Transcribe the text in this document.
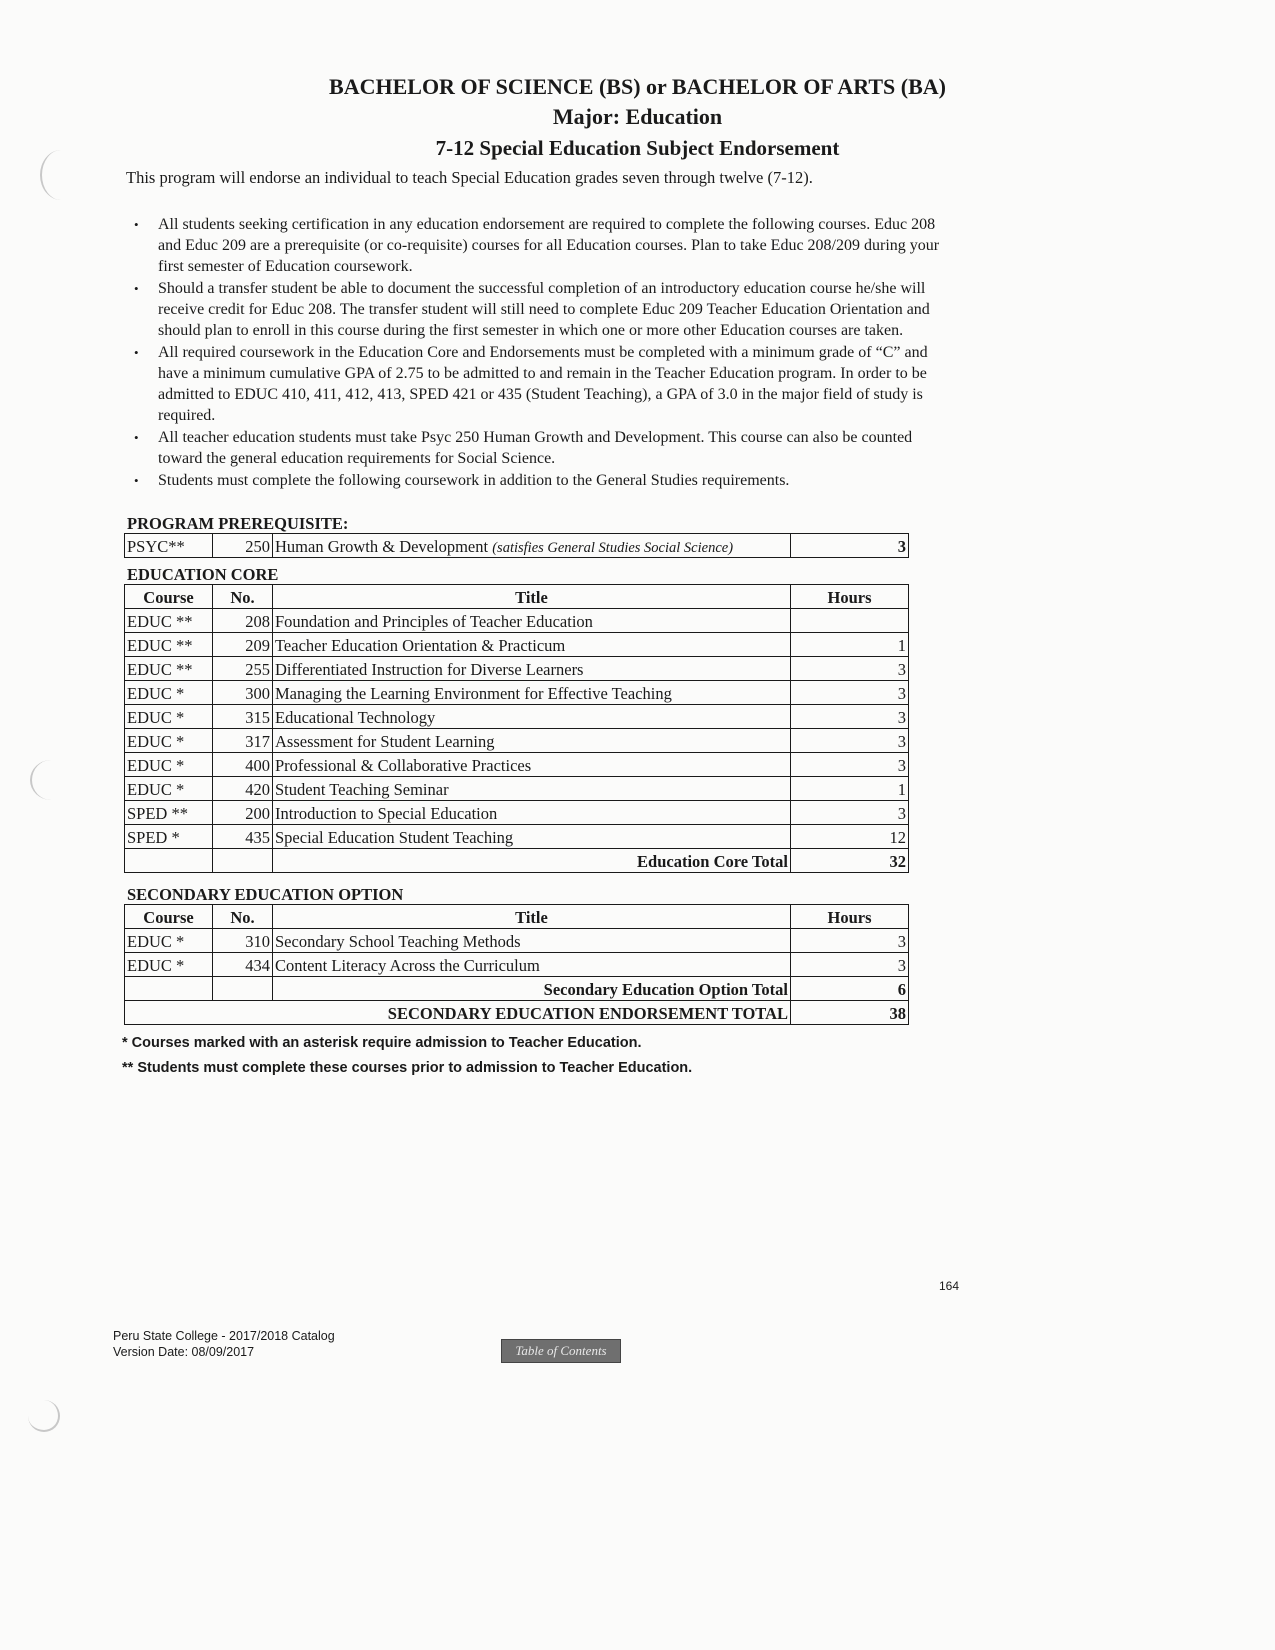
BACHELOR OF SCIENCE (BS) or BACHELOR OF ARTS (BA)
Major: Education
7-12 Special Education Subject Endorsement
This program will endorse an individual to teach Special Education grades seven through twelve (7-12).
• All students seeking certification in any education endorsement are required to complete the following courses. Educ 208 and Educ 209 are a prerequisite (or co-requisite) courses for all Education courses. Plan to take Educ 208/209 during your first semester of Education coursework.
• Should a transfer student be able to document the successful completion of an introductory education course he/she will receive credit for Educ 208. The transfer student will still need to complete Educ 209 Teacher Education Orientation and should plan to enroll in this course during the first semester in which one or more other Education courses are taken.
• All required coursework in the Education Core and Endorsements must be completed with a minimum grade of “C” and have a minimum cumulative GPA of 2.75 to be admitted to and remain in the Teacher Education program. In order to be admitted to EDUC 410, 411, 412, 413, SPED 421 or 435 (Student Teaching), a GPA of 3.0 in the major field of study is required.
• All teacher education students must take Psyc 250 Human Growth and Development. This course can also be counted toward the general education requirements for Social Science.
• Students must complete the following coursework in addition to the General Studies requirements.
PROGRAM PREREQUISITE:
PSYC**	250	Human Growth & Development (satisfies General Studies Social Science)	3
EDUCATION CORE
Course	No.	Title	Hours
EDUC **	208	Foundation and Principles of Teacher Education	
EDUC **	209	Teacher Education Orientation & Practicum	1
EDUC **	255	Differentiated Instruction for Diverse Learners	3
EDUC *	300	Managing the Learning Environment for Effective Teaching	3
EDUC *	315	Educational Technology	3
EDUC *	317	Assessment for Student Learning	3
EDUC *	400	Professional & Collaborative Practices	3
EDUC *	420	Student Teaching Seminar	1
SPED **	200	Introduction to Special Education	3
SPED *	435	Special Education Student Teaching	12
		Education Core Total	32
SECONDARY EDUCATION OPTION
Course	No.	Title	Hours
EDUC *	310	Secondary School Teaching Methods	3
EDUC *	434	Content Literacy Across the Curriculum	3
		Secondary Education Option Total	6
SECONDARY EDUCATION ENDORSEMENT TOTAL			38
* Courses marked with an asterisk require admission to Teacher Education.
** Students must complete these courses prior to admission to Teacher Education.
Peru State College - 2017/2018 Catalog
Version Date: 08/09/2017
164
Table of Contents
